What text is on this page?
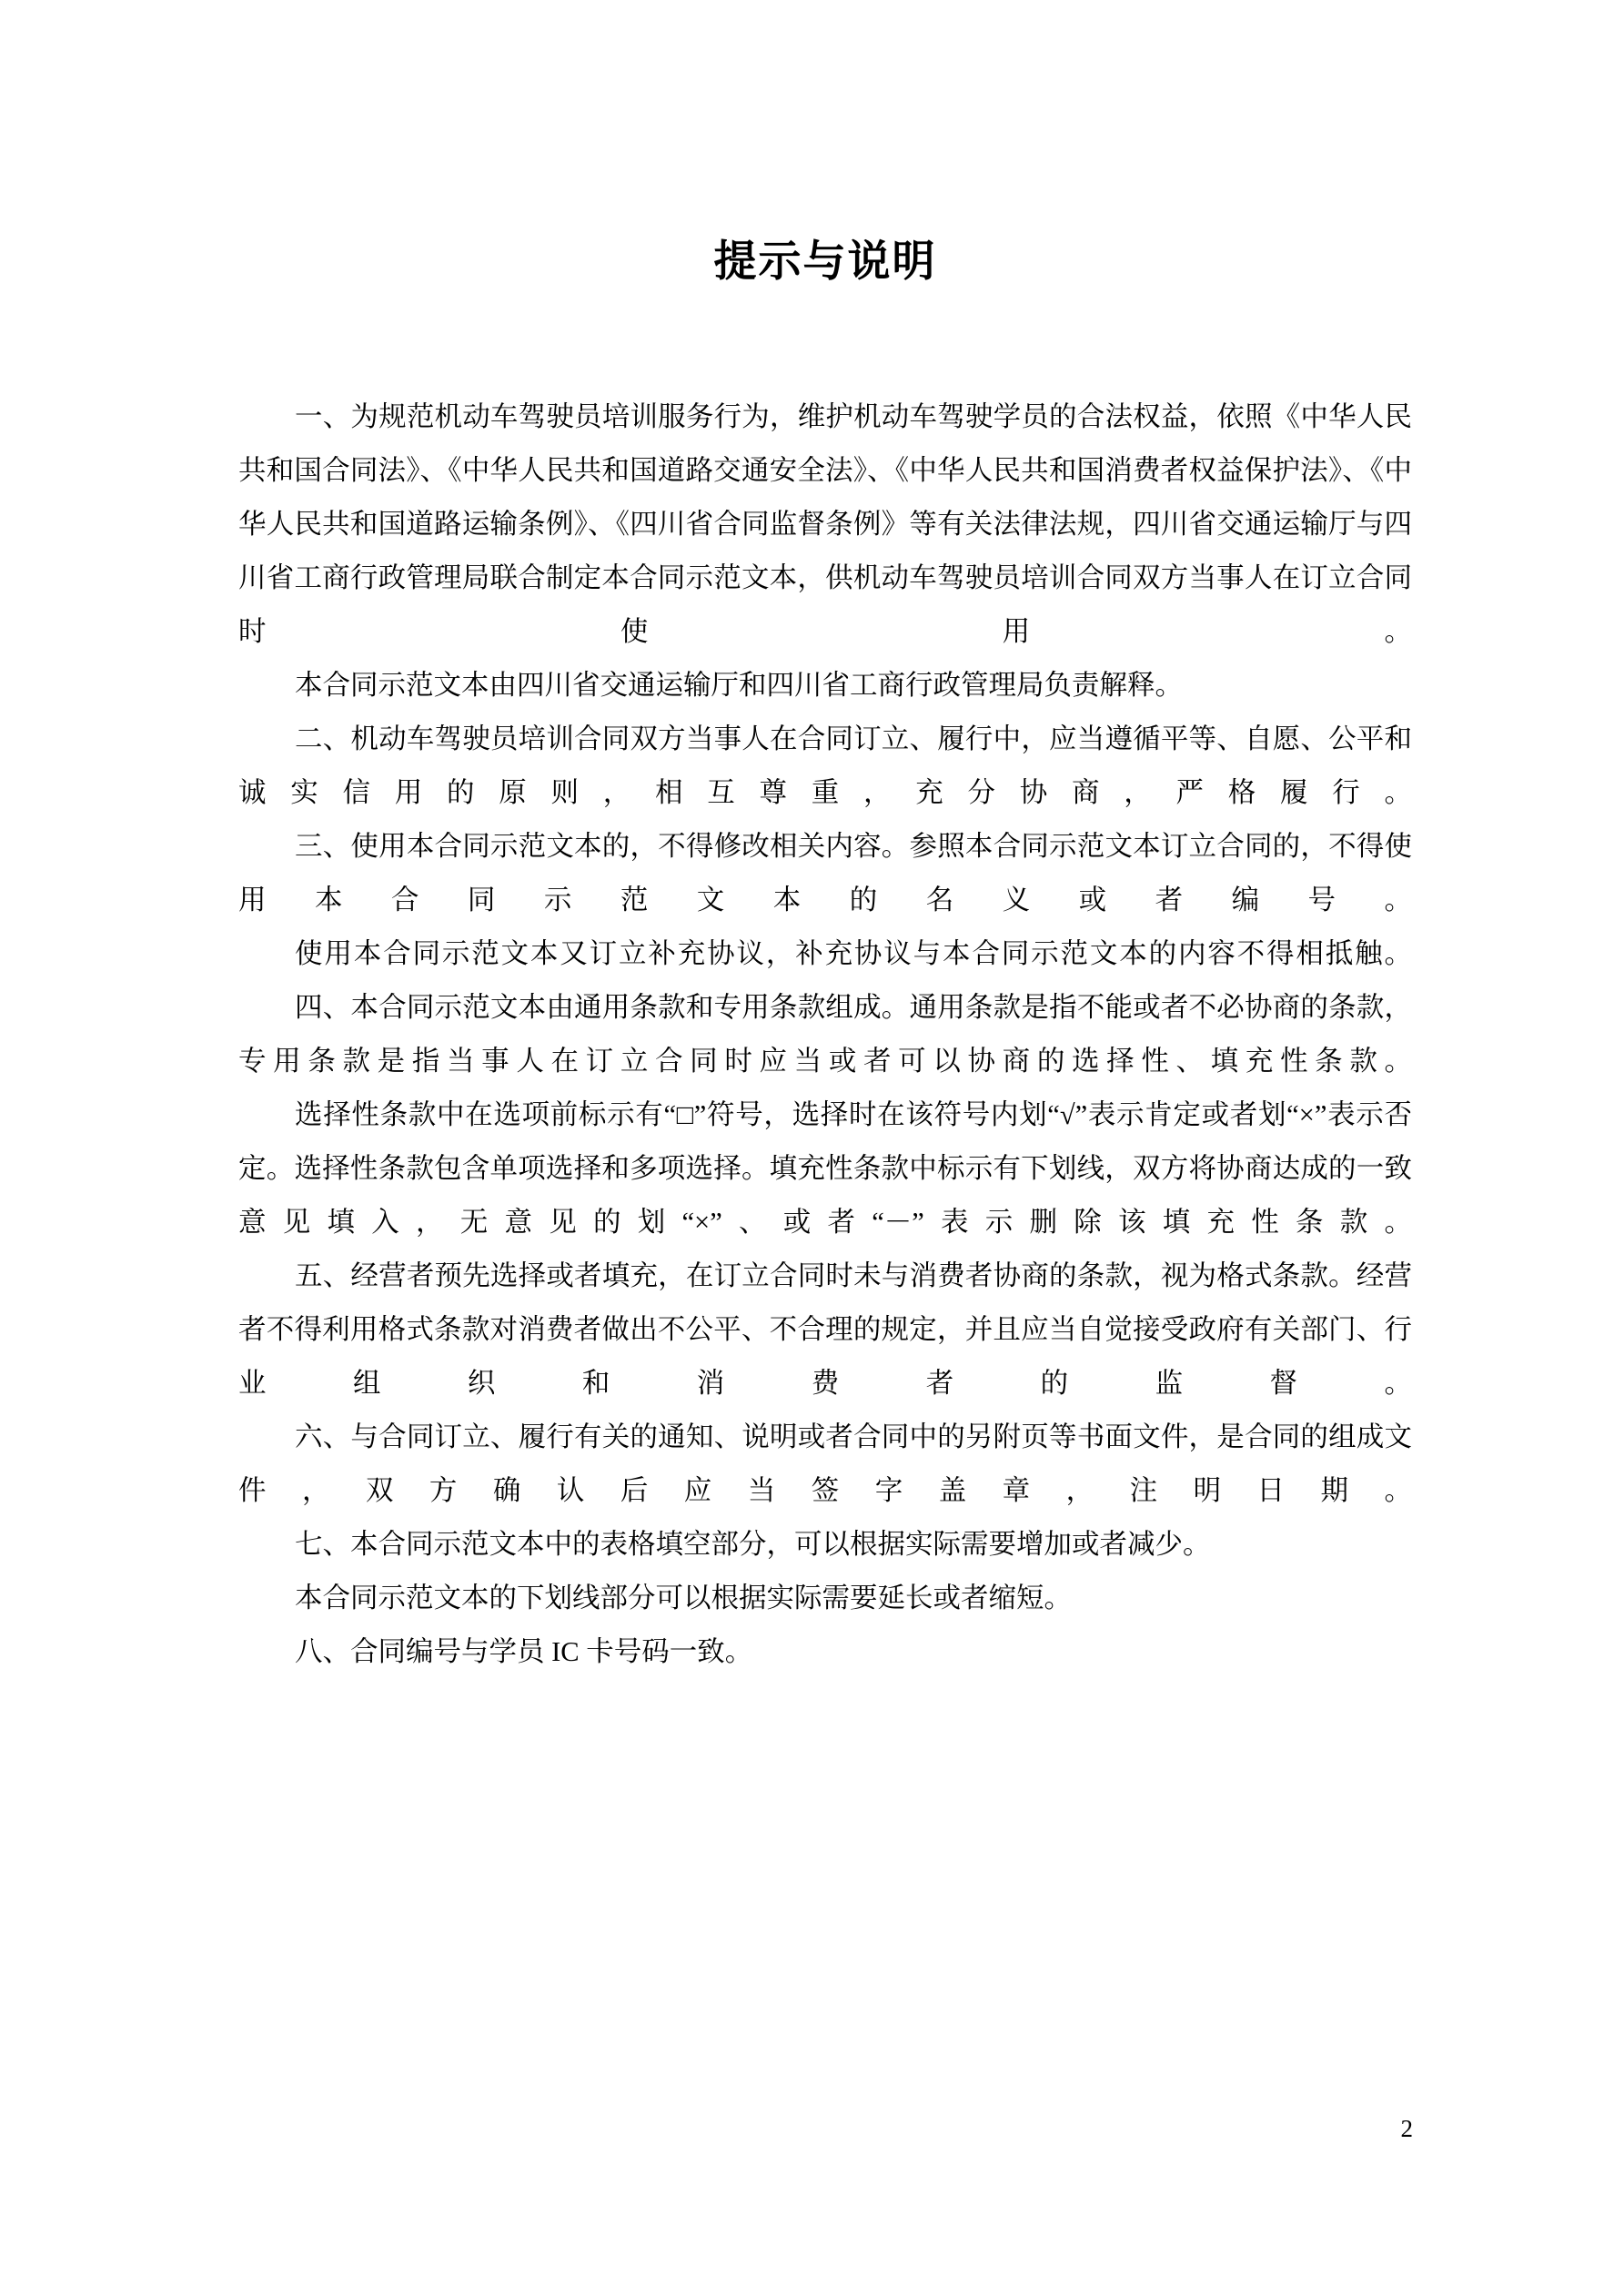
提示与说明

一、为规范机动车驾驶员培训服务行为，维护机动车驾驶学员的合法权益，依照《中华人民共和国合同法》、《中华人民共和国道路交通安全法》、《中华人民共和国消费者权益保护法》、《中华人民共和国道路运输条例》、《四川省合同监督条例》等有关法律法规，四川省交通运输厅与四川省工商行政管理局联合制定本合同示范文本，供机动车驾驶员培训合同双方当事人在订立合同时使用。

本合同示范文本由四川省交通运输厅和四川省工商行政管理局负责解释。

二、机动车驾驶员培训合同双方当事人在合同订立、履行中，应当遵循平等、自愿、公平和诚实信用的原则，相互尊重，充分协商，严格履行。

三、使用本合同示范文本的，不得修改相关内容。参照本合同示范文本订立合同的，不得使用本合同示范文本的名义或者编号。

使用本合同示范文本又订立补充协议，补充协议与本合同示范文本的内容不得相抵触。

四、本合同示范文本由通用条款和专用条款组成。通用条款是指不能或者不必协商的条款，专用条款是指当事人在订立合同时应当或者可以协商的选择性、填充性条款。

选择性条款中在选项前标示有“□”符号，选择时在该符号内划“√”表示肯定或者划“×”表示否定。选择性条款包含单项选择和多项选择。填充性条款中标示有下划线，双方将协商达成的一致意见填入，无意见的划“×”、或者“－”表示删除该填充性条款。

五、经营者预先选择或者填充，在订立合同时未与消费者协商的条款，视为格式条款。经营者不得利用格式条款对消费者做出不公平、不合理的规定，并且应当自觉接受政府有关部门、行业组织和消费者的监督。

六、与合同订立、履行有关的通知、说明或者合同中的另附页等书面文件，是合同的组成文件，双方确认后应当签字盖章，注明日期。

七、本合同示范文本中的表格填空部分，可以根据实际需要增加或者减少。

本合同示范文本的下划线部分可以根据实际需要延长或者缩短。

八、合同编号与学员 IC 卡号码一致。

2
